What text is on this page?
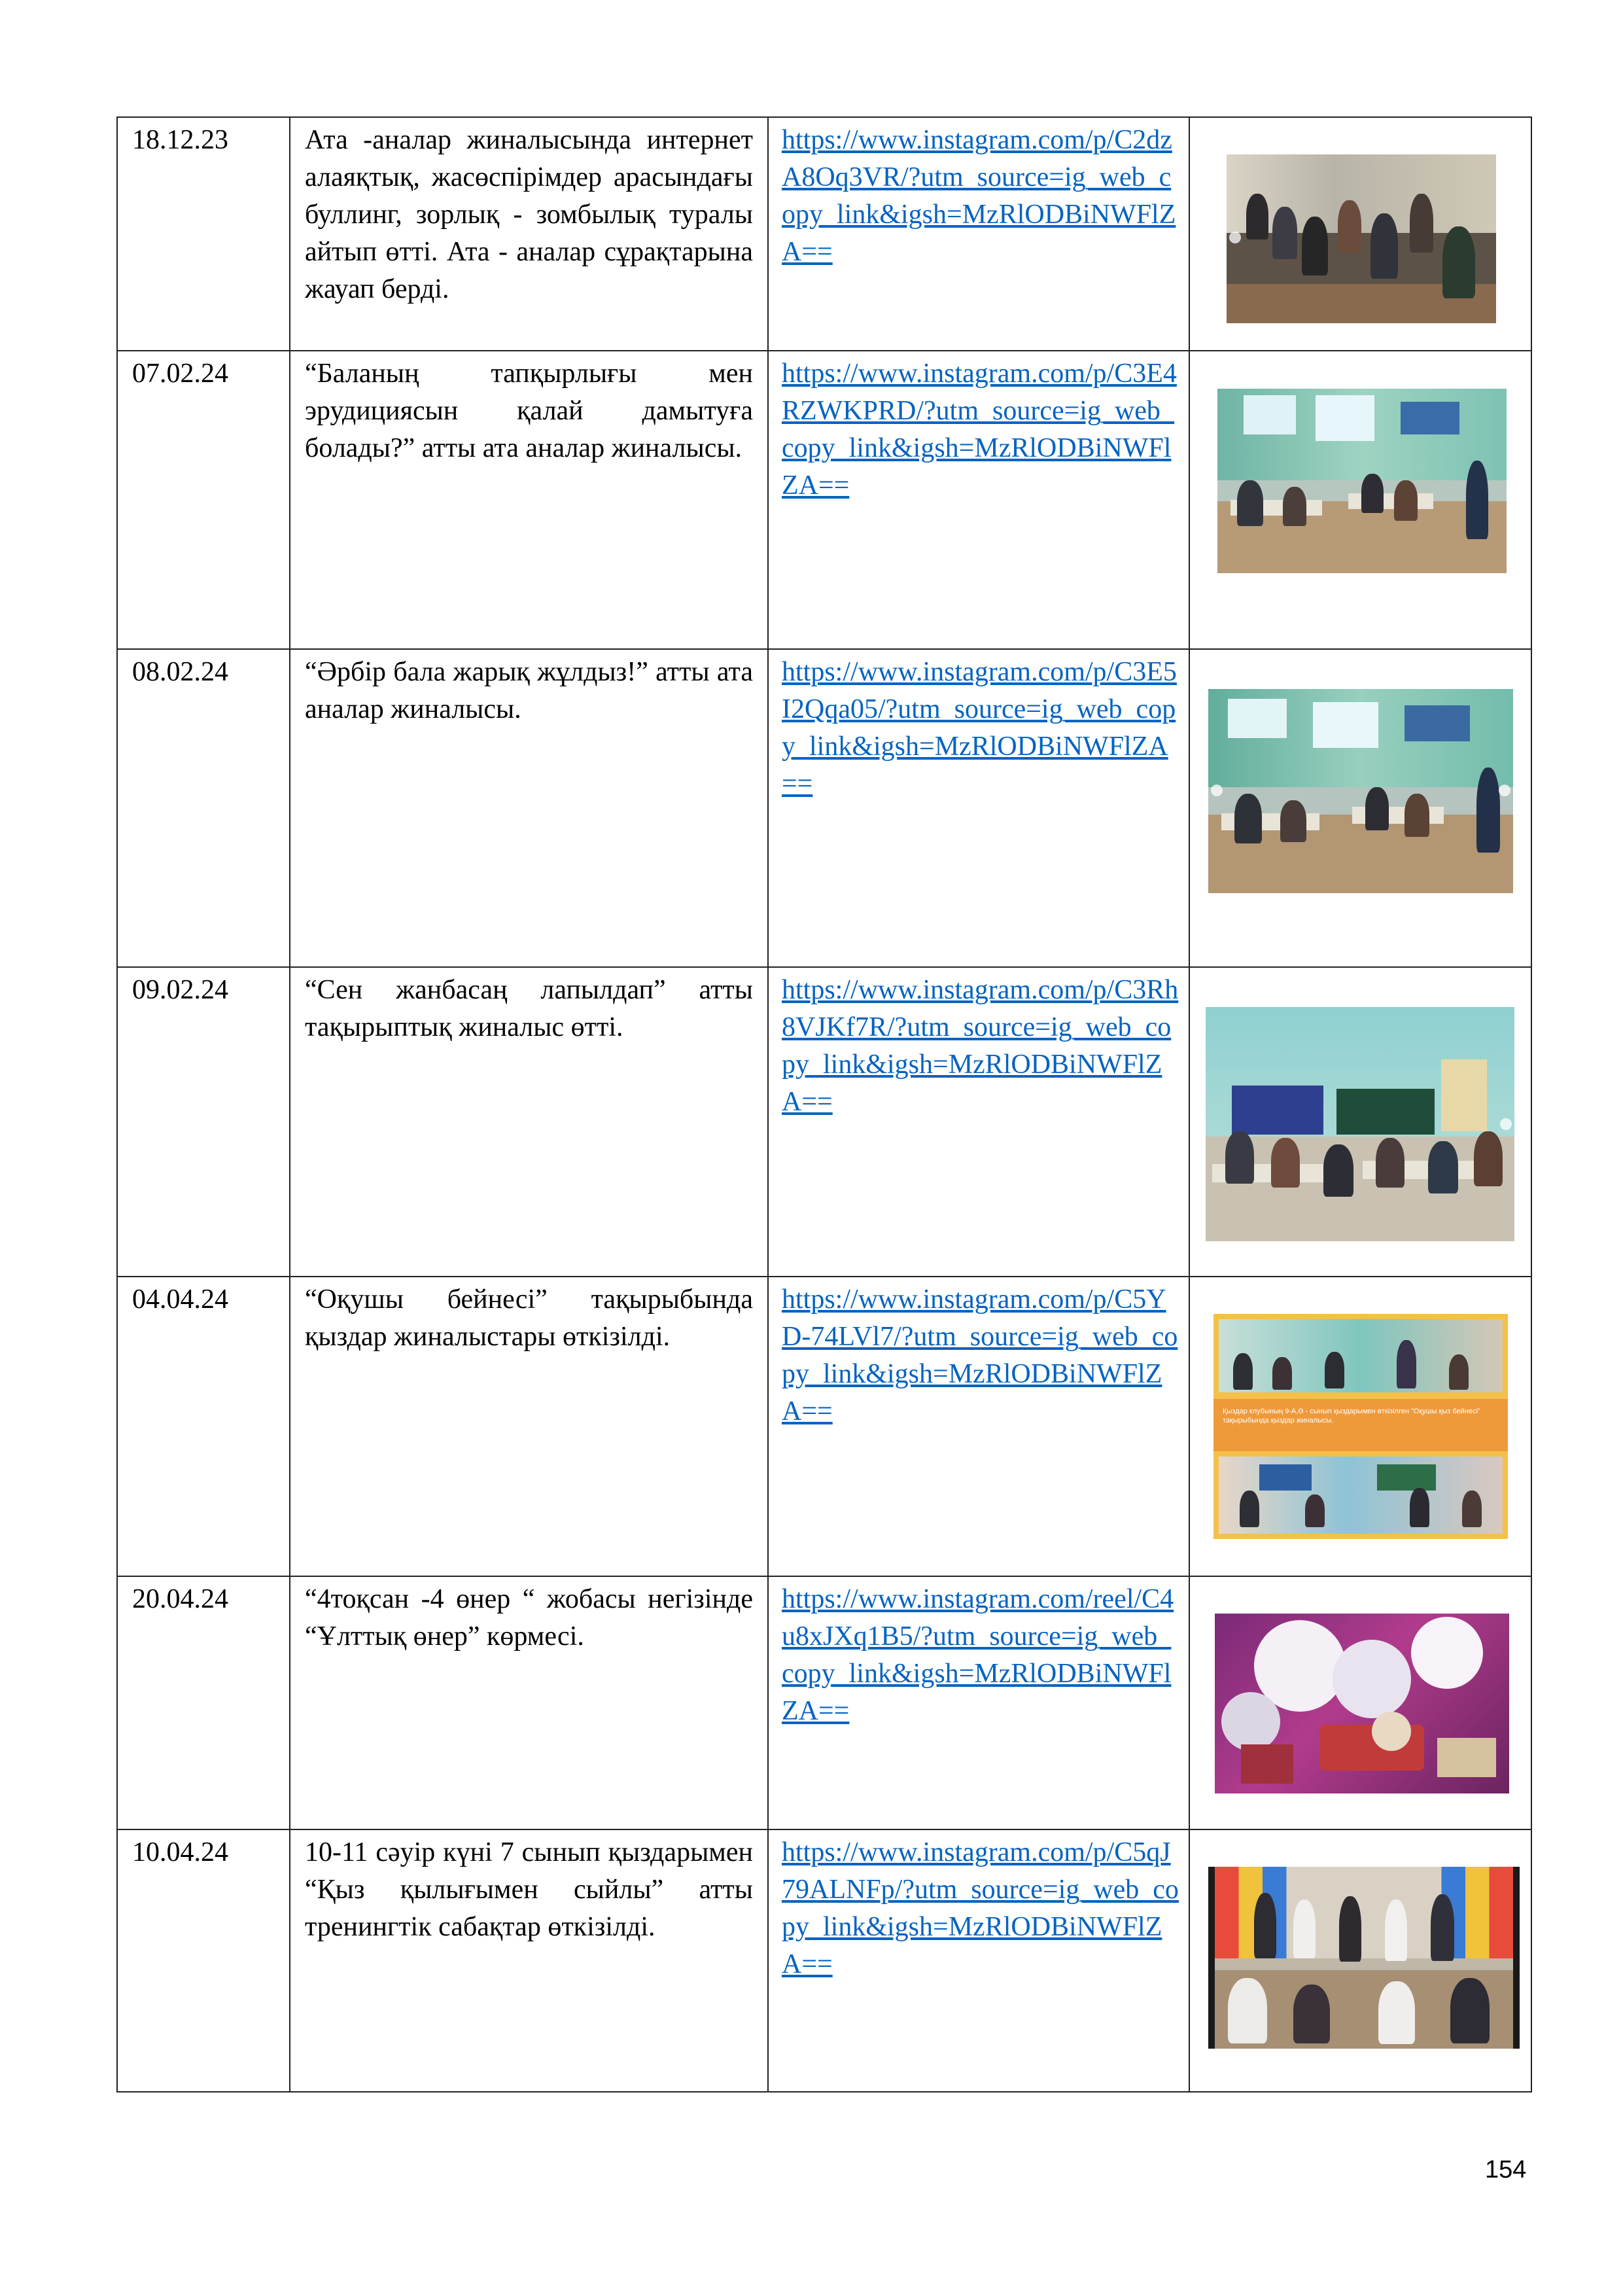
18.12.23	Ата -аналар жиналысында интернет алаяқтық, жасөспірімдер арасындағы буллинг, зорлық - зомбылық туралы айтып өтті. Ата - аналар сұрақтарына жауап берді.	https://www.instagram.com/p/C2dzA8Oq3VR/?utm_source=ig_web_copy_link&igsh=MzRlODBiNWFlZA==	

07.02.24	“Баланың тапқырлығы мен эрудициясын қалай дамытуға болады?” атты ата аналар жиналысы.	https://www.instagram.com/p/C3E4RZWKPRD/?utm_source=ig_web_copy_link&igsh=MzRlODBiNWFlZA==	

08.02.24	“Әрбір бала жарық жұлдыз!” атты ата аналар жиналысы.	https://www.instagram.com/p/C3E5I2Qqa05/?utm_source=ig_web_copy_link&igsh=MzRlODBiNWFlZA==	

09.02.24	“Сен жанбасаң лапылдап” атты тақырыптық жиналыс өтті.	https://www.instagram.com/p/C3Rh8VJKf7R/?utm_source=ig_web_copy_link&igsh=MzRlODBiNWFlZA==	

04.04.24	“Оқушы бейнесі” тақырыбында қыздар жиналыстары өткізілді.	https://www.instagram.com/p/C5YD-74LVl7/?utm_source=ig_web_copy_link&igsh=MzRlODBiNWFlZA==	Қыздар клубының 9-А,Ә - сынып қыздарымен өткізілген "Оқушы қыз бейнесі" тақырыбында қыздар жиналысы.

20.04.24	“4тоқсан -4 өнер “ жобасы негізінде “Ұлттық өнер” көрмесі.	https://www.instagram.com/reel/C4u8xJXq1B5/?utm_source=ig_web_copy_link&igsh=MzRlODBiNWFlZA==	

10.04.24	10-11 сәуір күні 7 сынып қыздарымен “Қыз қылығымен сыйлы” атты тренингтік сабақтар өткізілді.	https://www.instagram.com/p/C5qJ79ALNFp/?utm_source=ig_web_copy_link&igsh=MzRlODBiNWFlZA==	

154
